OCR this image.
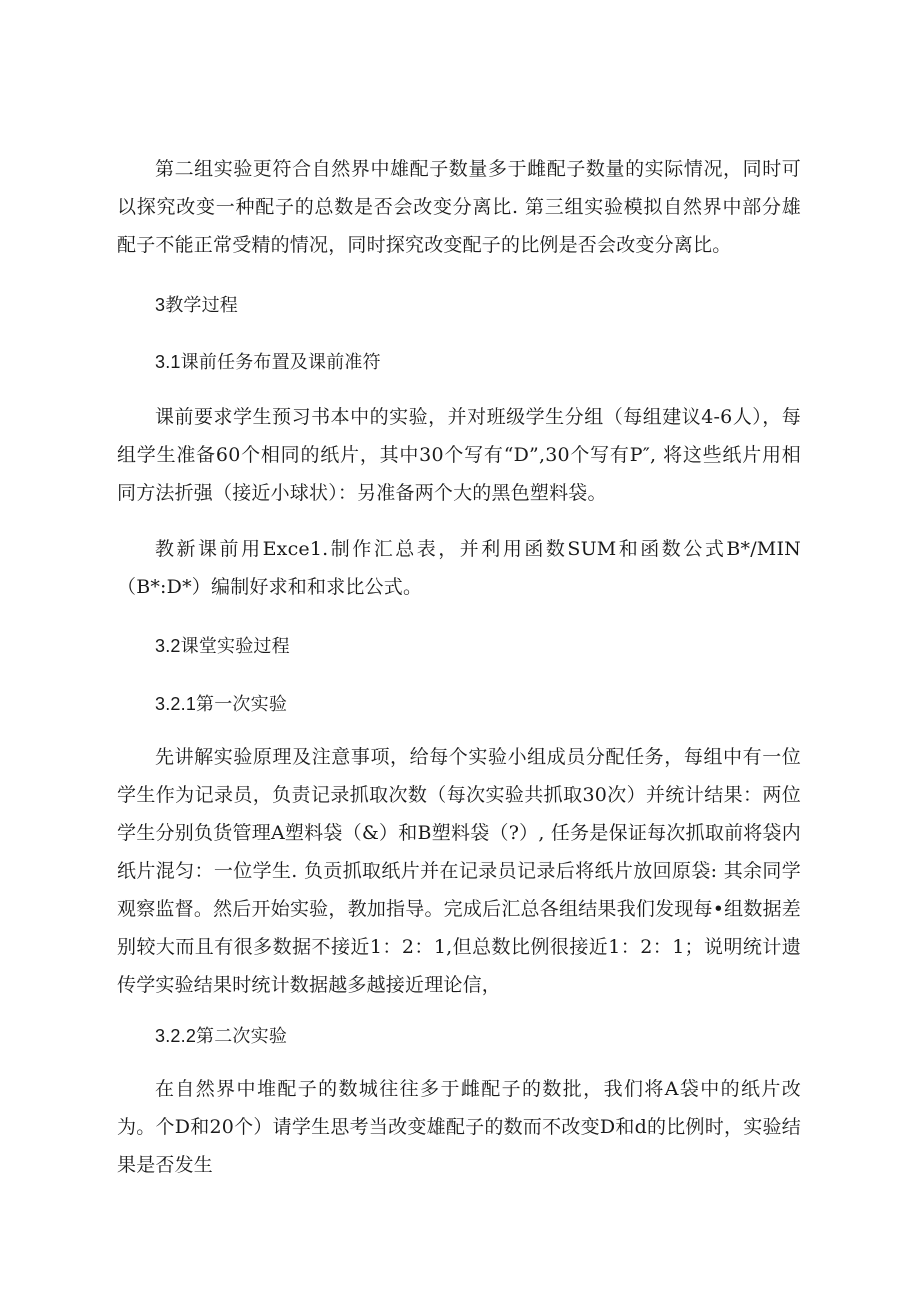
第二组实验更符合自然界中雄配子数量多于雌配子数量的实际情况，同时可以探究改变一种配子的总数是否会改变分离比. 第三组实验模拟自然界中部分雄配子不能正常受精的情况，同时探究改变配子的比例是否会改变分离比。

3教学过程

3.1课前任务布置及课前准符

课前要求学生预习书本中的实验，并对班级学生分组（每组建议4-6人），每组学生准备60个相同的纸片，其中30个写有“D”,30个写有P″, 将这些纸片用相同方法折强（接近小球状）：另准备两个大的黑色塑料袋。

教新课前用Exce1.制作汇总表，并利用函数SUM和函数公式B*/MIN（B*:D*）编制好求和和求比公式。

3.2课堂实验过程

3.2.1第一次实验

先讲解实验原理及注意事项，给每个实验小组成员分配任务，每组中有一位学生作为记录员，负责记录抓取次数（每次实验共抓取30次）并统计结果：两位学生分别负货管理A塑料袋（&）和B塑料袋（?）, 任务是保证每次抓取前将袋内纸片混匀：一位学生. 负贡抓取纸片并在记录员记录后将纸片放回原袋: 其余同学观察监督。然后开始实验，教加指导。完成后汇总各组结果我们发现每•组数据差别较大而且有很多数据不接近1：2：1,但总数比例很接近1：2：1；说明统计遗传学实验结果时统计数据越多越接近理论信，

3.2.2第二次实验

在自然界中堆配子的数城往往多于雌配子的数批，我们将A袋中的纸片改为。个D和20个）请学生思考当改变雄配子的数而不改变D和d的比例时，实验结果是否发生
